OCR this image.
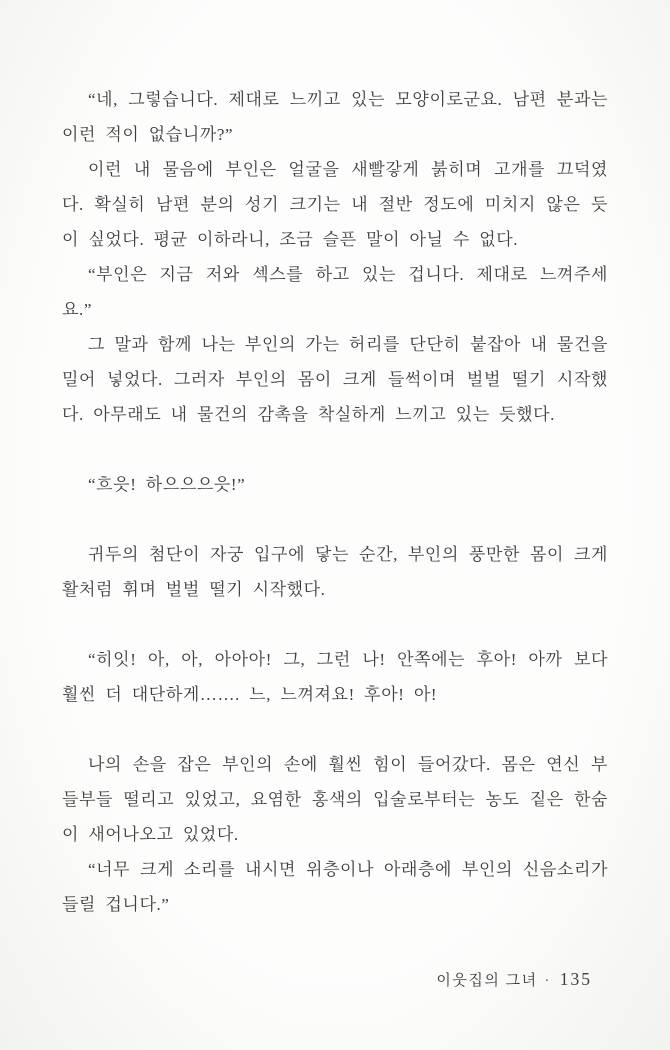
“네, 그렇습니다. 제대로 느끼고 있는 모양이로군요. 남편 분과는 이런 적이 없습니까?”

이런 내 물음에 부인은 얼굴을 새빨갛게 붉히며 고개를 끄덕였다. 확실히 남편 분의 성기 크기는 내 절반 정도에 미치지 않은 듯이 싶었다. 평균 이하라니, 조금 슬픈 말이 아닐 수 없다.

“부인은 지금 저와 섹스를 하고 있는 겁니다. 제대로 느껴주세요.”

그 말과 함께 나는 부인의 가는 허리를 단단히 붙잡아 내 물건을 밀어 넣었다. 그러자 부인의 몸이 크게 들썩이며 벌벌 떨기 시작했다. 아무래도 내 물건의 감촉을 착실하게 느끼고 있는 듯했다.

“흐읏! 하으으으읏!”

귀두의 첨단이 자궁 입구에 닿는 순간, 부인의 풍만한 몸이 크게 활처럼 휘며 벌벌 떨기 시작했다.

“히잇! 아, 아, 아아아! 그, 그런 나! 안쪽에는 후아! 아까 보다 훨씬 더 대단하게……. 느, 느껴져요! 후아! 아!

나의 손을 잡은 부인의 손에 훨씬 힘이 들어갔다. 몸은 연신 부들부들 떨리고 있었고, 요염한 홍색의 입술로부터는 농도 짙은 한숨이 새어나오고 있었다.

“너무 크게 소리를 내시면 위층이나 아래층에 부인의 신음소리가 들릴 겁니다.”

이웃집의 그녀 · 135
